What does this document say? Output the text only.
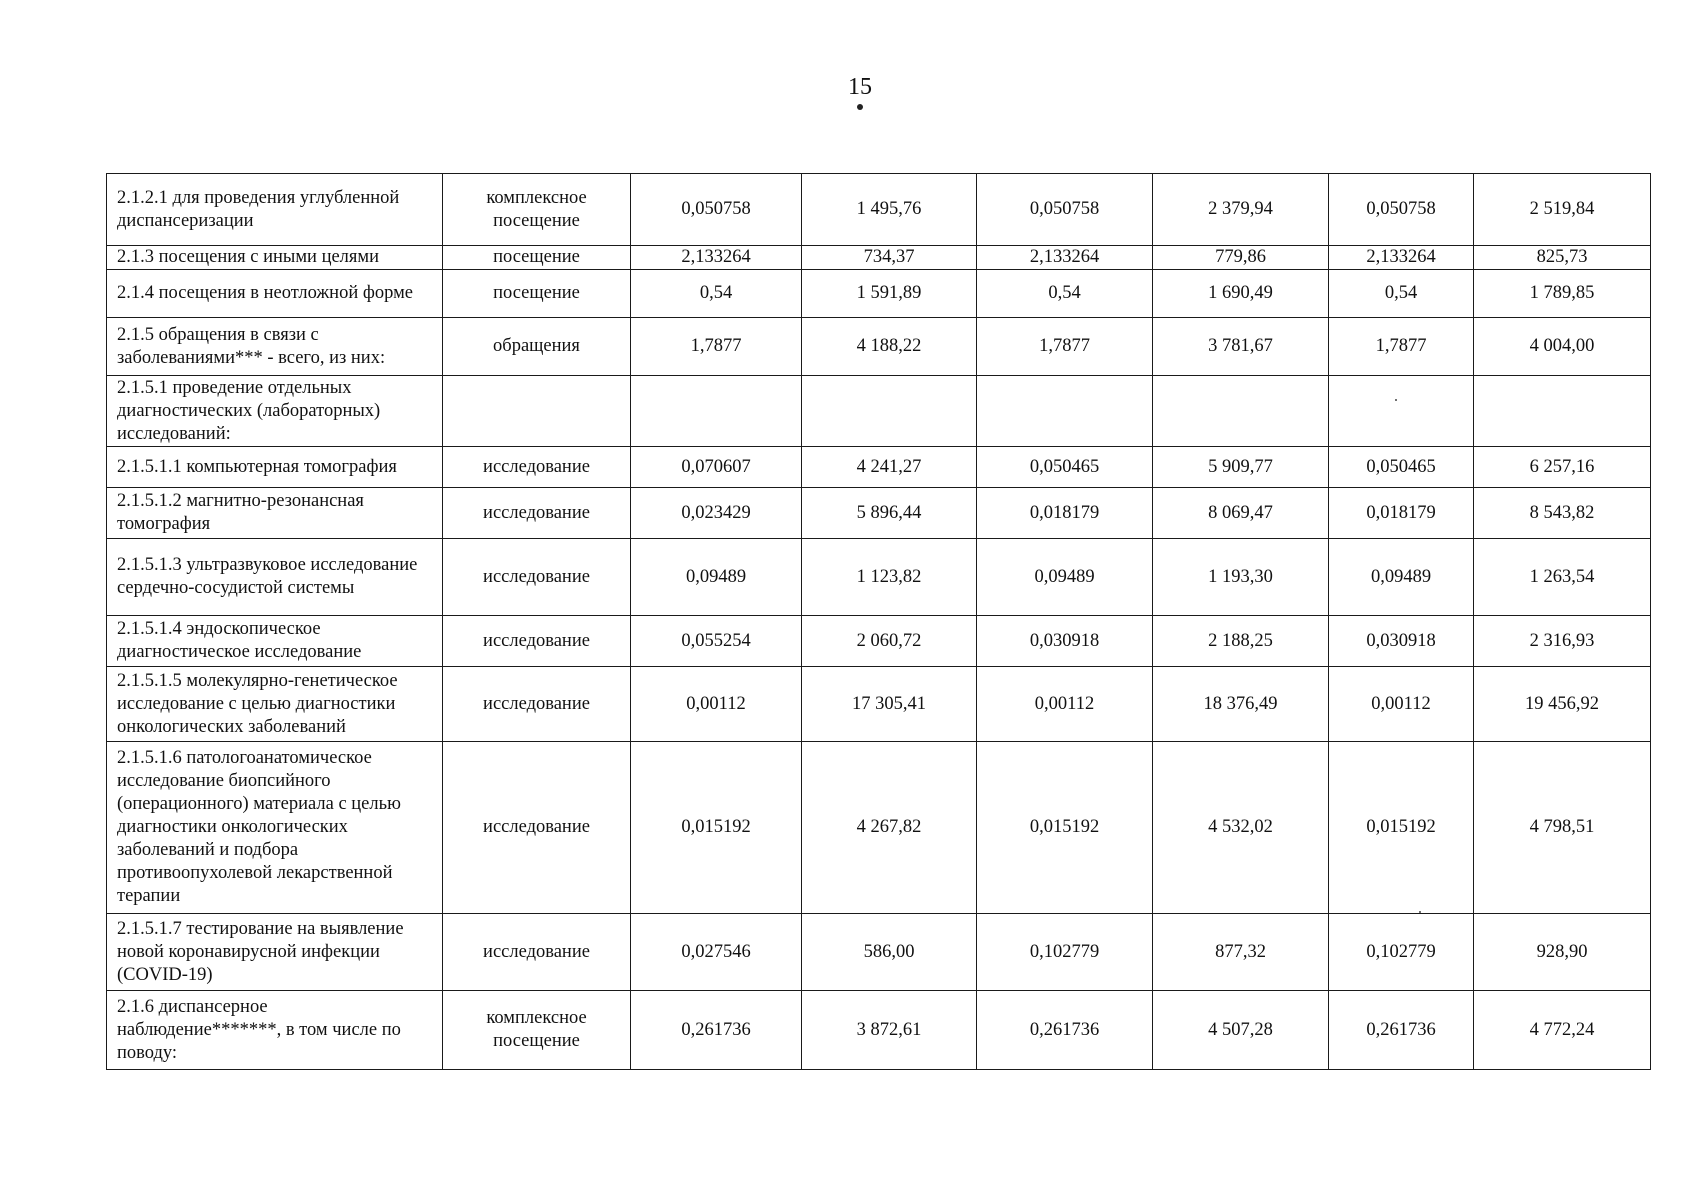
15
2.1.2.1 для проведения углубленной диспансеризации	комплексное посещение	0,050758	1 495,76	0,050758	2 379,94	0,050758	2 519,84
2.1.3 посещения с иными целями	посещение	2,133264	734,37	2,133264	779,86	2,133264	825,73
2.1.4 посещения в неотложной форме	посещение	0,54	1 591,89	0,54	1 690,49	0,54	1 789,85
2.1.5 обращения в связи с заболеваниями*** - всего, из них:	обращения	1,7877	4 188,22	1,7877	3 781,67	1,7877	4 004,00
2.1.5.1 проведение отдельных диагностических (лабораторных) исследований:							
2.1.5.1.1 компьютерная томография	исследование	0,070607	4 241,27	0,050465	5 909,77	0,050465	6 257,16
2.1.5.1.2 магнитно-резонансная томография	исследование	0,023429	5 896,44	0,018179	8 069,47	0,018179	8 543,82
2.1.5.1.3 ультразвуковое исследование сердечно-сосудистой системы	исследование	0,09489	1 123,82	0,09489	1 193,30	0,09489	1 263,54
2.1.5.1.4 эндоскопическое диагностическое исследование	исследование	0,055254	2 060,72	0,030918	2 188,25	0,030918	2 316,93
2.1.5.1.5 молекулярно-генетическое исследование с целью диагностики онкологических заболеваний	исследование	0,00112	17 305,41	0,00112	18 376,49	0,00112	19 456,92
2.1.5.1.6 патологоанатомическое исследование биопсийного (операционного) материала с целью диагностики онкологических заболеваний и подбора противоопухолевой лекарственной терапии	исследование	0,015192	4 267,82	0,015192	4 532,02	0,015192	4 798,51
2.1.5.1.7 тестирование на выявление новой коронавирусной инфекции (COVID-19)	исследование	0,027546	586,00	0,102779	877,32	0,102779	928,90
2.1.6 диспансерное наблюдение*******, в том числе по поводу:	комплексное посещение	0,261736	3 872,61	0,261736	4 507,28	0,261736	4 772,24
